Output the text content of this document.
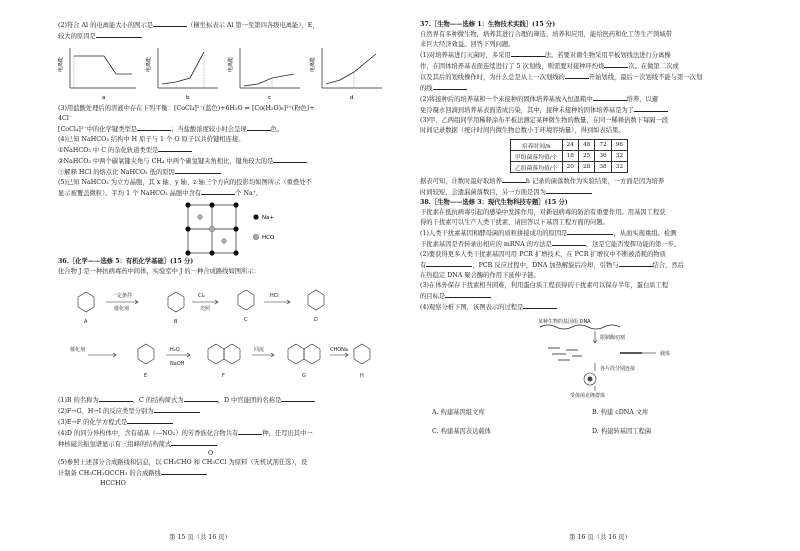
(2)符合 Al 的电离能大小的图示是	（横坐标表示 Al 第一至第四各级电离能），E，

较大的原因是

电离能
a
电离能
b
电离能
c
电离能
d

(3)用盐酸处理后的溶液中存在下列平衡：[CoCl₄]²⁻(蓝色)+6H₂O ⇌ [Co(H₂O)₆]²⁺(粉色)+

4Cl⁻

[CoCl₄]²⁻中的化学键类型是	；当盐酸浓度较小时会呈现	色。

(4)已知 NaHCO₃ 结构中 H 原子与 1 个 O 原子以共价键相连接。

①NaHCO₃ 中 C 的杂化轨道类型是

②NaHCO₃ 中两个碳氧键夹角与 CH₄ 中两个碳氢键夹角相比，键角较大的是

③解释 HCl 的熔点比 NaHCO₃ 低的原因

(5)已知 NaHCO₃ 为立方晶胞，其 x 轴、y 轴、z 轴三个方向的投影均如图所示（重叠处不

显示被覆盖微粒）。平均 1 个 NaHCO₃ 晶胞中含有	个 Na⁺。

Na+
HCO

36.［化学——选修 5：有机化学基础］(15 分)

化合物 J 是一种抗病毒药中间体，实验室中 J 的一种合成路线如图所示：

A
一定条件
催化剂
B
Cl₂
光照
C
HCl
D
催化剂
E
H₂O
NaOH
F
回流
G
CHONa
H

(1)B 的名称为	，C 的结构简式为	，D 中官能团的名称是

(2)F→G、H→I 的反应类型分别为

(3)E→F 的化学方程式是

(4)D 的同分异构体中，含有硝基（—NO₂）的芳香族化合物共有	种，任写出其中一

种核磁共振氢谱显示有三组峰的结构简式

O

(5)参照上述部分合成路线和信息，以 CH₃CHO 和 CH₃CCl 为原料（无机试剂任选），设

计制备 CH₃CH₂OCCH₃ 的合成路线

HCCHO

第 15 页（共 16 页）

37.［生物——选修 1：生物技术实践］(15 分)

自然界有多种微生物，培养其进行合理的筛选、培养和应用，能给医药和化工等生产领域带

来巨大经济效益。回答下列问题。

(1)对培养基进行灭菌时，多采用	法。若要对微生物采用平板划线法进行分离操

作，在固体培养基表面连续进行了 5 次划线，则需要对接种环灼烧	次。在做第二次或

以及其后的划线操作时，为什么总是从上一次划线的	开始划线，最后一次划线不能与第一次划

的线

(2)将接种后的培养基和一个未接种的固体培养基放入恒温箱中	培养，以避

免冷凝水回滴到培养基表面造成污染，其中，接种未接种的固体培养基是为了

(3)甲、乙两组同学用稀释涂布平板法测定某种微生物的数量，在同一稀释倍数下每隔一段

时间记录数据（统计时间内微生物总数小于环境容纳量），得到如表结果。

培养时间/h	24	48	72	96
甲组菌落均值/个	18	25	36	32
乙组菌落均值/个	20	28	38	32

据表可知，计数时最好取培养	h 记录的菌落数作为实验结果，一方面是因为培养

时间较短，会遗漏菌落数目，另一方面是因为

38.［生物——选修 3：现代生物科技专题］(15 分)

干扰素在抵抗病毒引起的感染中发挥作用，对新冠病毒的防治有重要作用。用基因工程获

得的干扰素可以生产人类干扰素，请回答以下基因工程方面的问题。

(1)人类干扰素基因和酵母菌的质粒拼接成功的原因是	，从而实现重组。检测

干扰素基因是否转录出相应的 mRNA 的方法是	，这是它能否发挥功能的第一步。

(2)要获得更多人类干扰素基因可用 PCR 扩增技术，在 PCR 扩增仪中不断被消耗的物质

有	，PCR 反应过程中，DNA 加热解旋后冷却，引物与	结合，然后

在热稳定 DNA 聚合酶的作用下延伸子链。

(3)在体外保存干扰素相当困难，利用蛋白质工程获得的干扰素可以保存半年，蛋白质工程

的目标是

(4)观察分析下图，该图表示的过程是

某种生物的基因组 DNA
限制酶切割
载体
各片段分别连接
受体菌克隆群体
A. 构建基因组文库	B. 构建 cDNA 文库
C. 构建基因表达载体	D. 构建转基因工程菌
第 16 页（共 16 页）
